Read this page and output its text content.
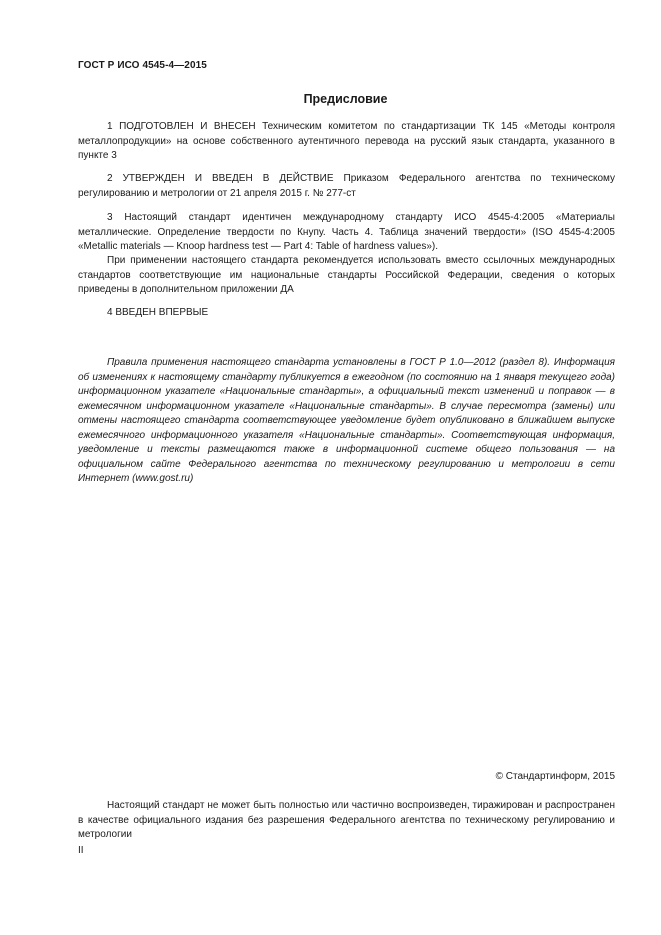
ГОСТ Р ИСО 4545-4—2015
Предисловие
1 ПОДГОТОВЛЕН И ВНЕСЕН Техническим комитетом по стандартизации ТК 145 «Методы контроля металлопродукции» на основе собственного аутентичного перевода на русский язык стандарта, указанного в пункте 3
2 УТВЕРЖДЕН И ВВЕДЕН В ДЕЙСТВИЕ Приказом Федерального агентства по техническому регулированию и метрологии от 21 апреля 2015 г. № 277-ст
3 Настоящий стандарт идентичен международному стандарту ИСО 4545-4:2005 «Материалы металлические. Определение твердости по Кнупу. Часть 4. Таблица значений твердости» (ISO 4545-4:2005 «Metallic materials — Knoop hardness test — Part 4: Table of hardness values»).
При применении настоящего стандарта рекомендуется использовать вместо ссылочных международных стандартов соответствующие им национальные стандарты Российской Федерации, сведения о которых приведены в дополнительном приложении ДА
4 ВВЕДЕН ВПЕРВЫЕ
Правила применения настоящего стандарта установлены в ГОСТ Р 1.0—2012 (раздел 8). Информация об изменениях к настоящему стандарту публикуется в ежегодном (по состоянию на 1 января текущего года) информационном указателе «Национальные стандарты», а официальный текст изменений и поправок — в ежемесячном информационном указателе «Национальные стандарты». В случае пересмотра (замены) или отмены настоящего стандарта соответствующее уведомление будет опубликовано в ближайшем выпуске ежемесячного информационного указателя «Национальные стандарты». Соответствующая информация, уведомление и тексты размещаются также в информационной системе общего пользования — на официальном сайте Федерального агентства по техническому регулированию и метрологии в сети Интернет (www.gost.ru)
© Стандартинформ, 2015
Настоящий стандарт не может быть полностью или частично воспроизведен, тиражирован и распространен в качестве официального издания без разрешения Федерального агентства по техническому регулированию и метрологии
II
